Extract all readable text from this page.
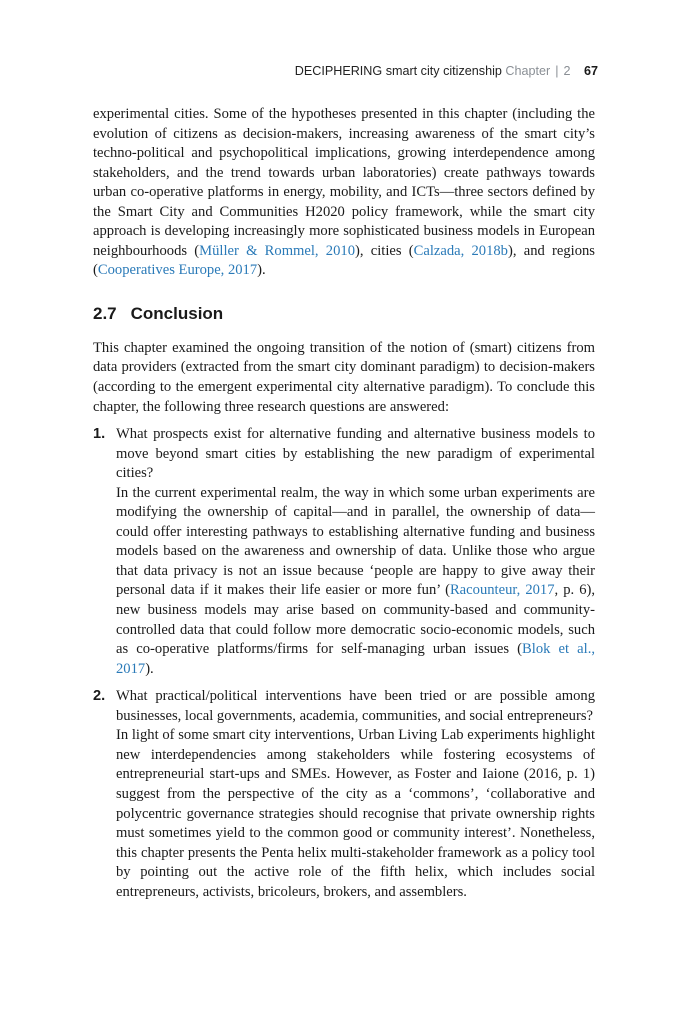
DECIPHERING smart city citizenship Chapter | 2 67

experimental cities. Some of the hypotheses presented in this chapter (including the evolution of citizens as decision-makers, increasing awareness of the smart city’s techno-political and psychopolitical implications, growing interdependence among stakeholders, and the trend towards urban laboratories) create pathways towards urban co-operative platforms in energy, mobility, and ICTs—three sectors defined by the Smart City and Communities H2020 policy framework, while the smart city approach is developing increasingly more sophisticated business models in European neighbourhoods (Müller & Rommel, 2010), cities (Calzada, 2018b), and regions (Cooperatives Europe, 2017).

2.7 Conclusion

This chapter examined the ongoing transition of the notion of (smart) citizens from data providers (extracted from the smart city dominant paradigm) to decision-makers (according to the emergent experimental city alternative paradigm). To conclude this chapter, the following three research questions are answered:

1. What prospects exist for alternative funding and alternative business models to move beyond smart cities by establishing the new paradigm of experimental cities?

In the current experimental realm, the way in which some urban experiments are modifying the ownership of capital—and in parallel, the ownership of data—could offer interesting pathways to establishing alternative funding and business models based on the awareness and ownership of data. Unlike those who argue that data privacy is not an issue because ‘people are happy to give away their personal data if it makes their life easier or more fun’ (Racounteur, 2017, p. 6), new business models may arise based on community-based and community-controlled data that could follow more democratic socio-economic models, such as co-operative platforms/firms for self-managing urban issues (Blok et al., 2017).

2. What practical/political interventions have been tried or are possible among businesses, local governments, academia, communities, and social entrepreneurs?

In light of some smart city interventions, Urban Living Lab experiments highlight new interdependencies among stakeholders while fostering ecosystems of entrepreneurial start-ups and SMEs. However, as Foster and Iaione (2016, p. 1) suggest from the perspective of the city as a ‘commons’, ‘collaborative and polycentric governance strategies should recognise that private ownership rights must sometimes yield to the common good or community interest’. Nonetheless, this chapter presents the Penta helix multi-stakeholder framework as a policy tool by pointing out the active role of the fifth helix, which includes social entrepreneurs, activists, bricoleurs, brokers, and assemblers.
